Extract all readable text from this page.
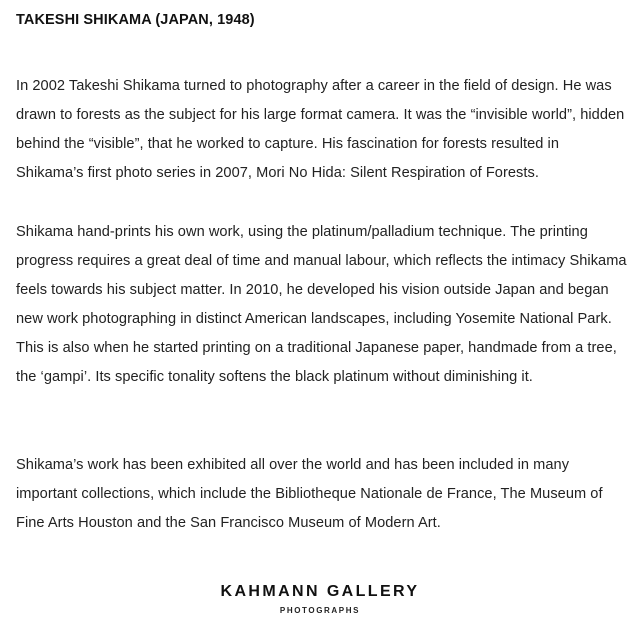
TAKESHI SHIKAMA (JAPAN, 1948)

In 2002 Takeshi Shikama turned to photography after a career in the field of design. He was drawn to forests as the subject for his large format camera. It was the “invisible world”, hidden behind the “visible”, that he worked to capture. His fascination for forests resulted in Shikama’s first photo series in 2007, Mori No Hida: Silent Respiration of Forests.

Shikama hand-prints his own work, using the platinum/palladium technique. The printing progress requires a great deal of time and manual labour, which reflects the intimacy Shikama feels towards his subject matter. In 2010, he developed his vision outside Japan and began new work photographing in distinct American landscapes, including Yosemite National Park. This is also when he started printing on a traditional Japanese paper, handmade from a tree, the ‘gampi’. Its specific tonality softens the black platinum without diminishing it.

Shikama’s work has been exhibited all over the world and has been included in many important collections, which include the Bibliotheque Nationale de France, The Museum of Fine Arts Houston and the San Francisco Museum of Modern Art.

KAHMANN GALLERY
PHOTOGRAPHS
